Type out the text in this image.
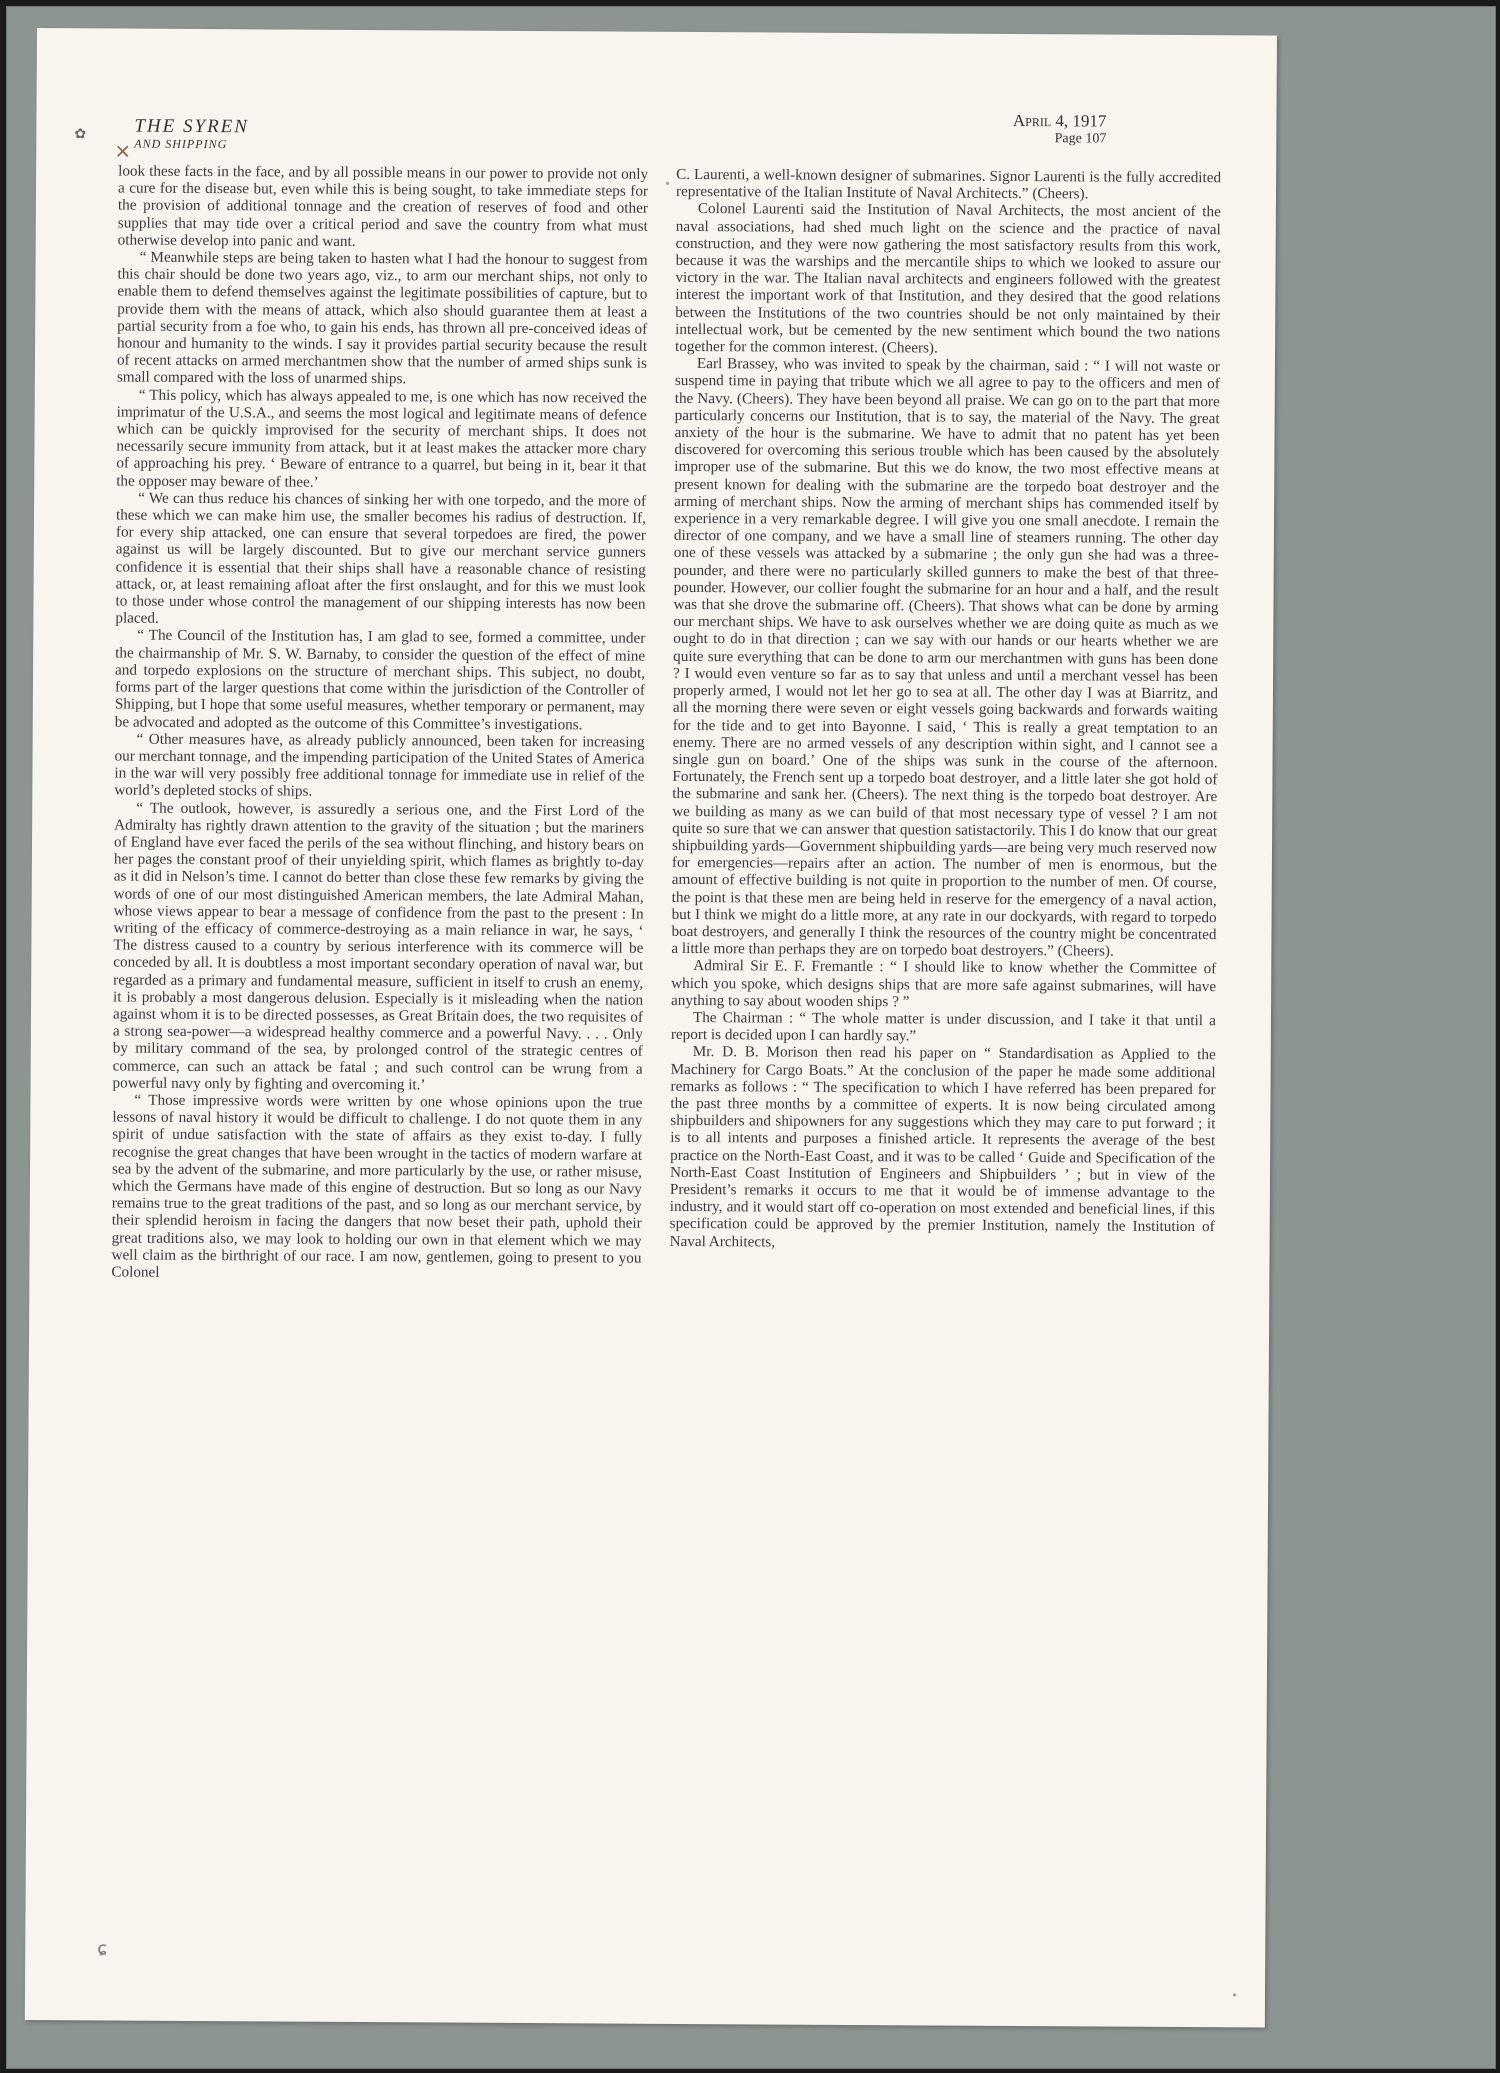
THE SYREN
AND SHIPPING
✿
×
April 4, 1917
Page 107

look these facts in the face, and by all possible means in our power to provide not only a cure for the disease but, even while this is being sought, to take immediate steps for the provision of additional tonnage and the creation of reserves of food and other supplies that may tide over a critical period and save the country from what must otherwise develop into panic and want.

“ Meanwhile steps are being taken to hasten what I had the honour to suggest from this chair should be done two years ago, viz., to arm our merchant ships, not only to enable them to defend themselves against the legitimate possibilities of capture, but to provide them with the means of attack, which also should guarantee them at least a partial security from a foe who, to gain his ends, has thrown all pre-conceived ideas of honour and humanity to the winds. I say it provides partial security because the result of recent attacks on armed merchantmen show that the number of armed ships sunk is small compared with the loss of unarmed ships.

“ This policy, which has always appealed to me, is one which has now received the imprimatur of the U.S.A., and seems the most logical and legitimate means of defence which can be quickly improvised for the security of merchant ships. It does not necessarily secure immunity from attack, but it at least makes the attacker more chary of approaching his prey. ‘ Beware of entrance to a quarrel, but being in it, bear it that the opposer may beware of thee.’

“ We can thus reduce his chances of sinking her with one torpedo, and the more of these which we can make him use, the smaller becomes his radius of destruction. If, for every ship attacked, one can ensure that several torpedoes are fired, the power against us will be largely discounted. But to give our merchant service gunners confidence it is essential that their ships shall have a reasonable chance of resisting attack, or, at least remaining afloat after the first onslaught, and for this we must look to those under whose control the management of our shipping interests has now been placed.

“ The Council of the Institution has, I am glad to see, formed a committee, under the chairmanship of Mr. S. W. Barnaby, to consider the question of the effect of mine and torpedo explosions on the structure of merchant ships. This subject, no doubt, forms part of the larger questions that come within the jurisdiction of the Controller of Shipping, but I hope that some useful measures, whether temporary or permanent, may be advocated and adopted as the outcome of this Committee’s investigations.

“ Other measures have, as already publicly announced, been taken for increasing our merchant tonnage, and the impending participation of the United States of America in the war will very possibly free additional tonnage for immediate use in relief of the world’s depleted stocks of ships.

“ The outlook, however, is assuredly a serious one, and the First Lord of the Admiralty has rightly drawn attention to the gravity of the situation ; but the mariners of England have ever faced the perils of the sea without flinching, and history bears on her pages the constant proof of their unyielding spirit, which flames as brightly to-day as it did in Nelson’s time. I cannot do better than close these few remarks by giving the words of one of our most distinguished American members, the late Admiral Mahan, whose views appear to bear a message of confidence from the past to the present : In writing of the efficacy of commerce-destroying as a main reliance in war, he says, ‘ The distress caused to a country by serious interference with its commerce will be conceded by all. It is doubtless a most important secondary operation of naval war, but regarded as a primary and fundamental measure, sufficient in itself to crush an enemy, it is probably a most dangerous delusion. Especially is it misleading when the nation against whom it is to be directed possesses, as Great Britain does, the two requisites of a strong sea-power—a widespread healthy commerce and a powerful Navy. . . . Only by military command of the sea, by prolonged control of the strategic centres of commerce, can such an attack be fatal ; and such control can be wrung from a powerful navy only by fighting and overcoming it.’

“ Those impressive words were written by one whose opinions upon the true lessons of naval history it would be difficult to challenge. I do not quote them in any spirit of undue satisfaction with the state of affairs as they exist to-day. I fully recognise the great changes that have been wrought in the tactics of modern warfare at sea by the advent of the submarine, and more particularly by the use, or rather misuse, which the Germans have made of this engine of destruction. But so long as our Navy remains true to the great traditions of the past, and so long as our merchant service, by their splendid heroism in facing the dangers that now beset their path, uphold their great traditions also, we may look to holding our own in that element which we may well claim as the birthright of our race. I am now, gentlemen, going to present to you Colonel

C. Laurenti, a well-known designer of submarines. Signor Laurenti is the fully accredited representative of the Italian Institute of Naval Architects.” (Cheers).

Colonel Laurenti said the Institution of Naval Architects, the most ancient of the naval associations, had shed much light on the science and the practice of naval construction, and they were now gathering the most satisfactory results from this work, because it was the warships and the mercantile ships to which we looked to assure our victory in the war. The Italian naval architects and engineers followed with the greatest interest the important work of that Institution, and they desired that the good relations between the Institutions of the two countries should be not only maintained by their intellectual work, but be cemented by the new sentiment which bound the two nations together for the common interest. (Cheers).

Earl Brassey, who was invited to speak by the chairman, said : “ I will not waste or suspend time in paying that tribute which we all agree to pay to the officers and men of the Navy. (Cheers). They have been beyond all praise. We can go on to the part that more particularly concerns our Institution, that is to say, the material of the Navy. The great anxiety of the hour is the submarine. We have to admit that no patent has yet been discovered for overcoming this serious trouble which has been caused by the absolutely improper use of the submarine. But this we do know, the two most effective means at present known for dealing with the submarine are the torpedo boat destroyer and the arming of merchant ships. Now the arming of merchant ships has commended itself by experience in a very remarkable degree. I will give you one small anecdote. I remain the director of one company, and we have a small line of steamers running. The other day one of these vessels was attacked by a submarine ; the only gun she had was a three-pounder, and there were no particularly skilled gunners to make the best of that three-pounder. However, our collier fought the submarine for an hour and a half, and the result was that she drove the submarine off. (Cheers). That shows what can be done by arming our merchant ships. We have to ask ourselves whether we are doing quite as much as we ought to do in that direction ; can we say with our hands or our hearts whether we are quite sure everything that can be done to arm our merchantmen with guns has been done ? I would even venture so far as to say that unless and until a merchant vessel has been properly armed, I would not let her go to sea at all. The other day I was at Biarritz, and all the morning there were seven or eight vessels going backwards and forwards waiting for the tide and to get into Bayonne. I said, ‘ This is really a great temptation to an enemy. There are no armed vessels of any description within sight, and I cannot see a single gun on board.’ One of the ships was sunk in the course of the afternoon. Fortunately, the French sent up a torpedo boat destroyer, and a little later she got hold of the submarine and sank her. (Cheers). The next thing is the torpedo boat destroyer. Are we building as many as we can build of that most necessary type of vessel ? I am not quite so sure that we can answer that question satistactorily. This I do know that our great shipbuilding yards—Government shipbuilding yards—are being very much reserved now for emergencies—repairs after an action. The number of men is enormous, but the amount of effective building is not quite in proportion to the number of men. Of course, the point is that these men are being held in reserve for the emergency of a naval action, but I think we might do a little more, at any rate in our dockyards, with regard to torpedo boat destroyers, and generally I think the resources of the country might be concentrated a little more than perhaps they are on torpedo boat destroyers.” (Cheers).

Admiral Sir E. F. Fremantle : “ I should like to know whether the Committee of which you spoke, which designs ships that are more safe against submarines, will have anything to say about wooden ships ? ”

The Chairman : “ The whole matter is under discussion, and I take it that until a report is decided upon I can hardly say.”

Mr. D. B. Morison then read his paper on “ Standardisation as Applied to the Machinery for Cargo Boats.” At the conclusion of the paper he made some additional remarks as follows : “ The specification to which I have referred has been prepared for the past three months by a committee of experts. It is now being circulated among shipbuilders and shipowners for any suggestions which they may care to put forward ; it is to all intents and purposes a finished article. It represents the average of the best practice on the North-East Coast, and it was to be called ‘ Guide and Specification of the North-East Coast Institution of Engineers and Shipbuilders ’ ; but in view of the President’s remarks it occurs to me that it would be of immense advantage to the industry, and it would start off co-operation on most extended and beneficial lines, if this specification could be approved by the premier Institution, namely the Institution of Naval Architects,

ɕ
